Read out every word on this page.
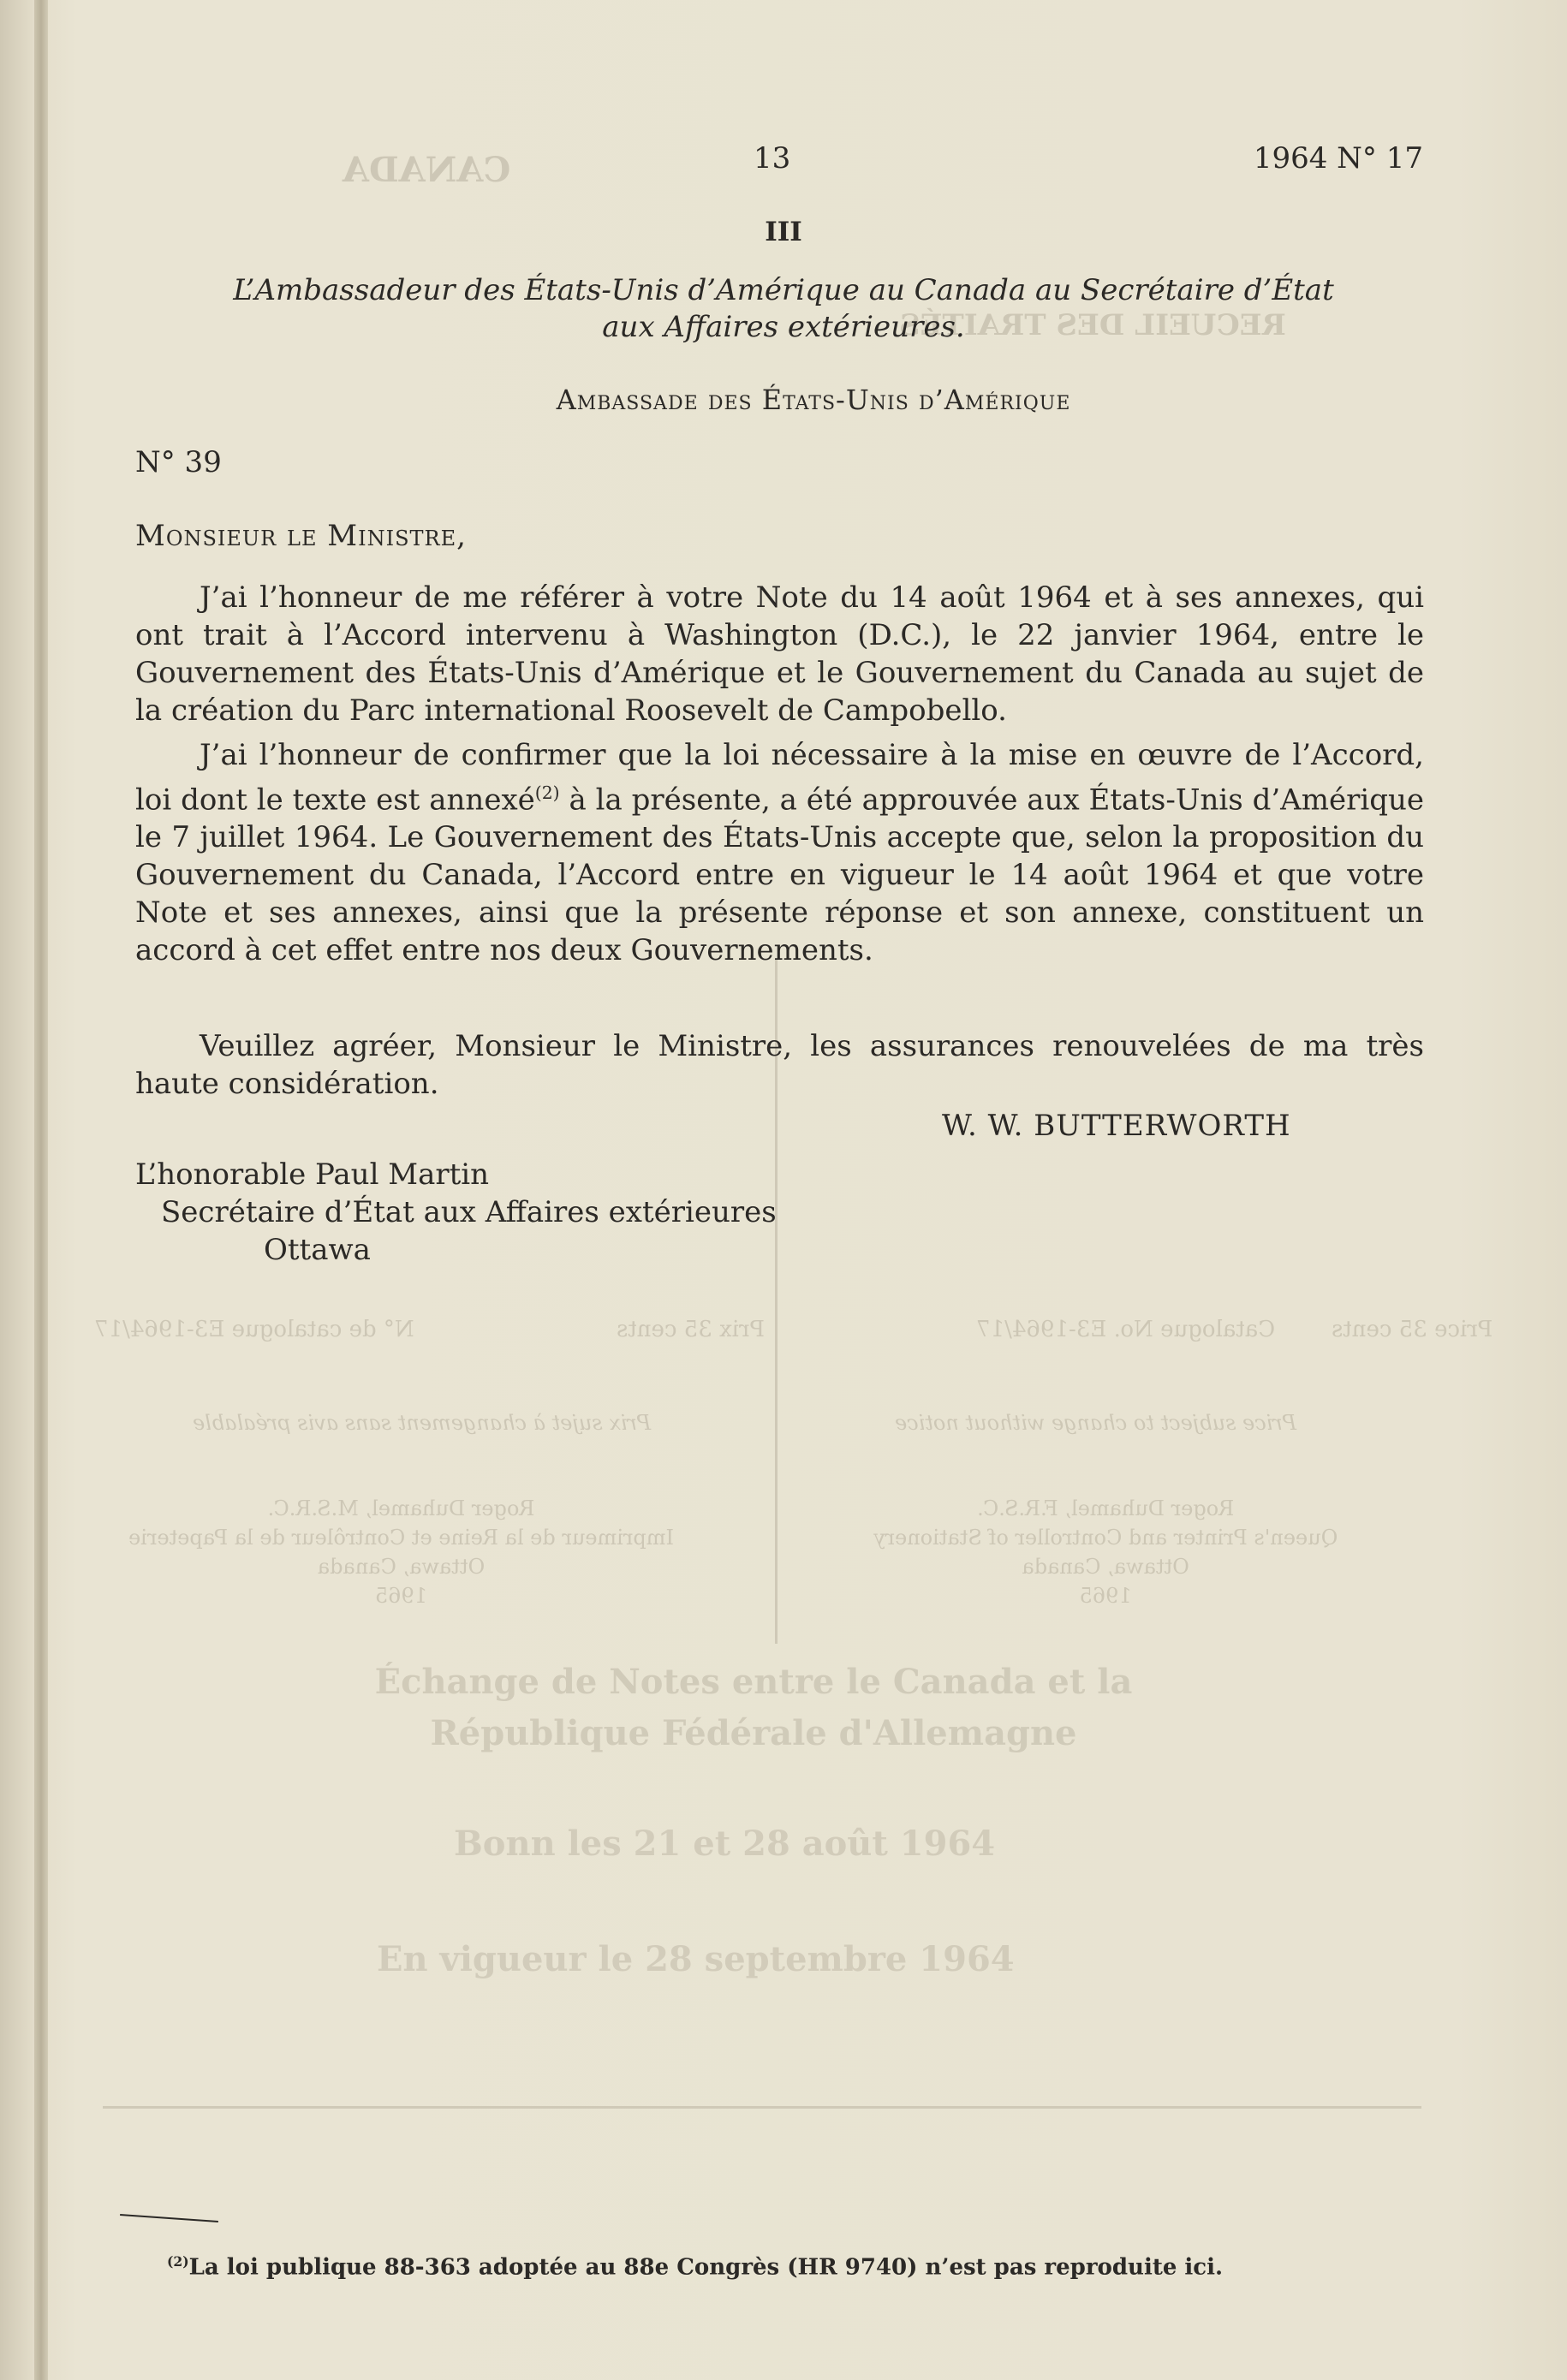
CANADA
RECUEIL DES TRAITÉS
Price 35 cents
Catalogue No. E3-1964/17
Prix 35 cents
N° de catalogue E3-1964/17
Price subject to change without notice
Prix sujet à changement sans avis préalable
Roger Duhamel, F.R.S.C.
Queen's Printer and Controller of Stationery
Ottawa, Canada
1965
Roger Duhamel, M.S.R.C.
Imprimeur de la Reine et Contrôleur de la Papeterie
Ottawa, Canada
1965
Échange de Notes entre le Canada et la
République Fédérale d'Allemagne
Bonn les 21 et 28 août 1964
En vigueur le 28 septembre 1964
13	1964 N° 17
III
L’Ambassadeur des États-Unis d’Amérique au Canada au Secrétaire d’État aux Affaires extérieures.
Ambassade des États-Unis d’Amérique
N° 39
Monsieur le Ministre,

J’ai l’honneur de me référer à votre Note du 14 août 1964 et à ses annexes, qui ont trait à l’Accord intervenu à Washington (D.C.), le 22 janvier 1964, entre le Gouvernement des États-Unis d’Amérique et le Gouvernement du Canada au sujet de la création du Parc international Roosevelt de Campobello.

J’ai l’honneur de confirmer que la loi nécessaire à la mise en œuvre de l’Accord, loi dont le texte est annexé$^{(2)}$ à la présente, a été approuvée aux États-Unis d’Amérique le 7 juillet 1964. Le Gouvernement des États-Unis accepte que, selon la proposition du Gouvernement du Canada, l’Accord entre en vigueur le 14 août 1964 et que votre Note et ses annexes, ainsi que la présente réponse et son annexe, constituent un accord à cet effet entre nos deux Gouvernements.

Veuillez agréer, Monsieur le Ministre, les assurances renouvelées de ma très haute considération.

W. W. BUTTERWORTH
L’honorable Paul Martin
Secrétaire d’État aux Affaires extérieures
Ottawa
$^{(2)}$La loi publique 88-363 adoptée au 88e Congrès (HR 9740) n’est pas reproduite ici.
